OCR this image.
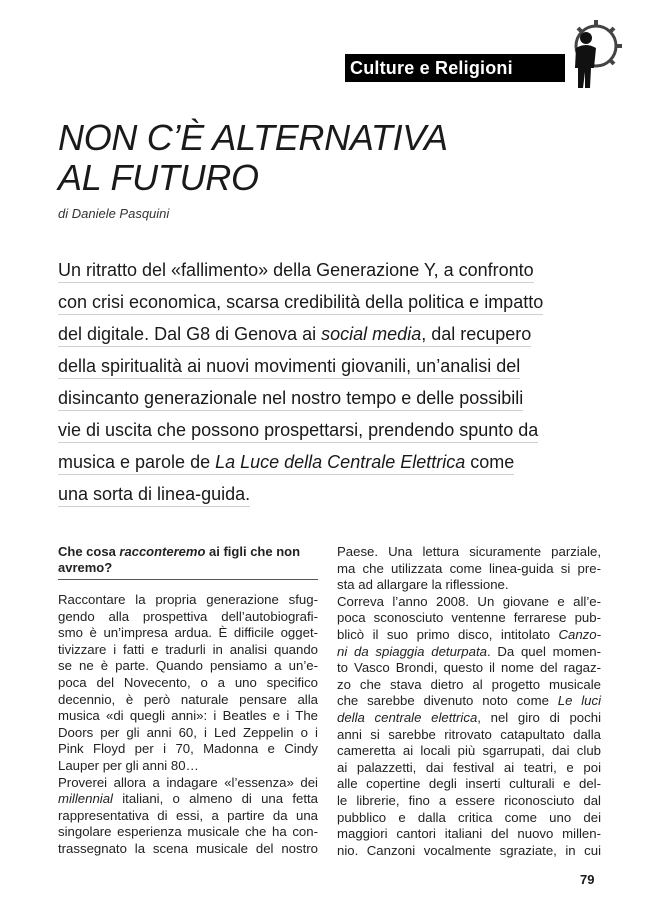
Culture e Religioni
NON C’È ALTERNATIVA
AL FUTURO
di Daniele Pasquini
Un ritratto del «fallimento» della Generazione Y, a confronto
con crisi economica, scarsa credibilità della politica e impatto
del digitale. Dal G8 di Genova ai social media, dal recupero
della spiritualità ai nuovi movimenti giovanili, un’analisi del
disincanto generazionale nel nostro tempo e delle possibili
vie di uscita che possono prospettarsi, prendendo spunto da
musica e parole de La Luce della Centrale Elettrica come
una sorta di linea-guida.
Che cosa racconteremo ai figli che non avremo?
Raccontare la propria generazione sfug-
gendo alla prospettiva dell’autobiografi-
smo è un’impresa ardua. È difficile ogget-
tivizzare i fatti e tradurli in analisi quando
se ne è parte. Quando pensiamo a un’e-
poca del Novecento, o a uno specifico
decennio, è però naturale pensare alla
musica «di quegli anni»: i Beatles e i The
Doors per gli anni 60, i Led Zeppelin o i
Pink Floyd per i 70, Madonna e Cindy
Lauper per gli anni 80…
Proverei allora a indagare «l’essenza» dei
millennial italiani, o almeno di una fetta
rappresentativa di essi, a partire da una
singolare esperienza musicale che ha con-
trassegnato la scena musicale del nostro
Paese. Una lettura sicuramente parziale,
ma che utilizzata come linea-guida si pre-
sta ad allargare la riflessione.
Correva l’anno 2008. Un giovane e all’e-
poca sconosciuto ventenne ferrarese pub-
blicò il suo primo disco, intitolato Canzo-
ni da spiaggia deturpata. Da quel momen-
to Vasco Brondi, questo il nome del ragaz-
zo che stava dietro al progetto musicale
che sarebbe divenuto noto come Le luci
della centrale elettrica, nel giro di pochi
anni si sarebbe ritrovato catapultato dalla
cameretta ai locali più sgarrupati, dai club
ai palazzetti, dai festival ai teatri, e poi
alle copertine degli inserti culturali e del-
le librerie, fino a essere riconosciuto dal
pubblico e dalla critica come uno dei
maggiori cantori italiani del nuovo millen-
nio. Canzoni vocalmente sgraziate, in cui
79
